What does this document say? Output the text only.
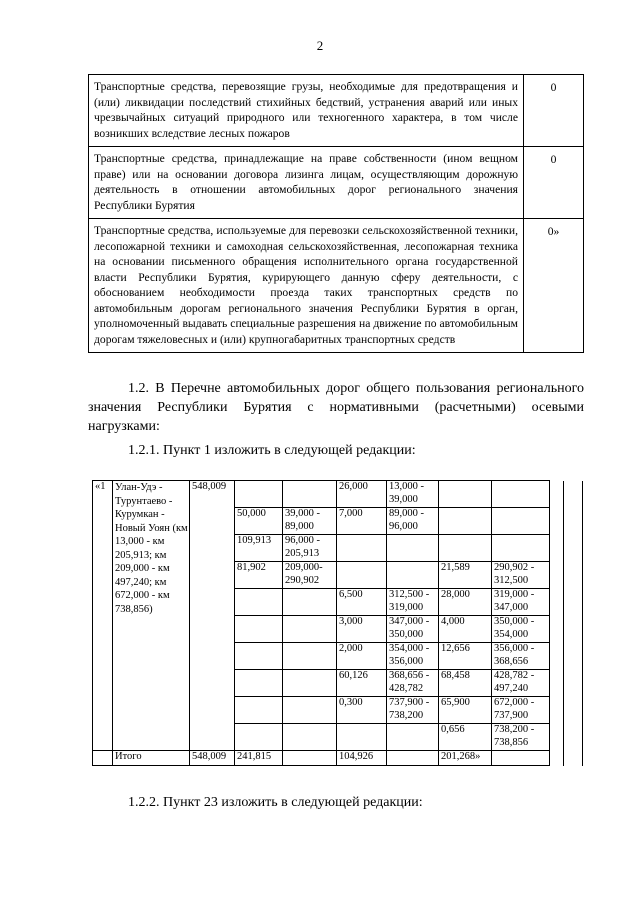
2
Транспортные средства, перевозящие грузы, необходимые для предотвращения и (или) ликвидации последствий стихийных бедствий, устранения аварий или иных чрезвычайных ситуаций природного или техногенного характера, в том числе возникших вследствие лесных пожаров	0
Транспортные средства, принадлежащие на праве собственности (ином вещном праве) или на основании договора лизинга лицам, осуществляющим дорожную деятельность в отношении автомобильных дорог регионального значения Республики Бурятия	0
Транспортные средства, используемые для перевозки сельскохозяйственной техники, лесопожарной техники и самоходная сельскохозяйственная, лесопожарная техника на основании письменного обращения исполнительного органа государственной власти Республики Бурятия, курирующего данную сферу деятельности, с обоснованием необходимости проезда таких транспортных средств по автомобильным дорогам регионального значения Республики Бурятия в орган, уполномоченный выдавать специальные разрешения на движение по автомобильным дорогам тяжеловесных и (или) крупногабаритных транспортных средств	0»
1.2. В Перечне автомобильных дорог общего пользования регионального значения Республики Бурятия с нормативными (расчетными) осевыми нагрузками:
1.2.1. Пункт 1 изложить в следующей редакции:
«1	Улан-Удэ - Турунтаево - Курумкан - Новый Уоян (км 13,000 - км 205,913; км 209,000 - км 497,240; км 672,000 - км 738,856)	548,009			26,000	13,000 - 39,000				
			50,000	39,000 - 89,000	7,000	89,000 - 96,000				
			109,913	96,000 - 205,913						
			81,902	209,000- 290,902			21,589	290,902 - 312,500		
					6,500	312,500 - 319,000	28,000	319,000 - 347,000		
					3,000	347,000 - 350,000	4,000	350,000 - 354,000		
					2,000	354,000 - 356,000	12,656	356,000 - 368,656		
					60,126	368,656 - 428,782	68,458	428,782 - 497,240		
					0,300	737,900 - 738,200	65,900	672,000 - 737,900		
							0,656	738,200 - 738,856		
	Итого	548,009	241,815		104,926		201,268»			
1.2.2. Пункт 23 изложить в следующей редакции:
